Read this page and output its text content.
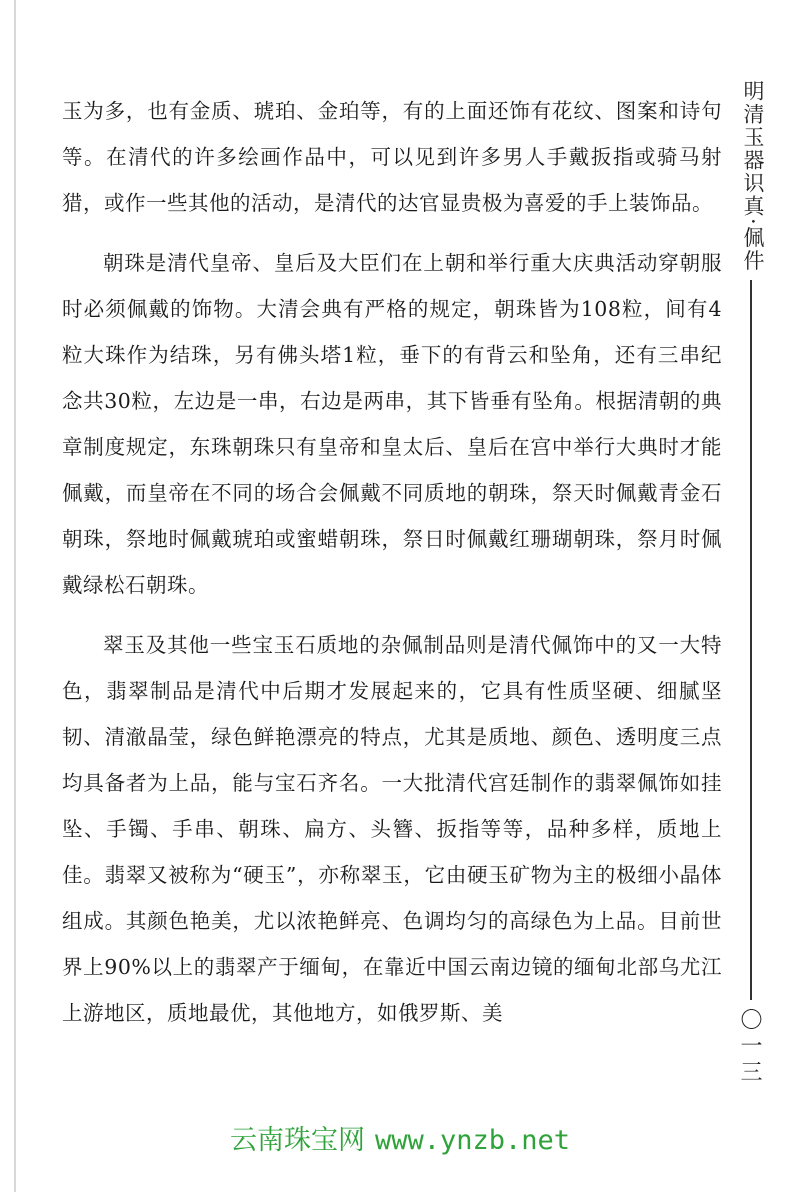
明清玉器识真·佩件
〇一三

玉为多，也有金质、琥珀、金珀等，有的上面还饰有花纹、图案和诗句等。在清代的许多绘画作品中，可以见到许多男人手戴扳指或骑马射猎，或作一些其他的活动，是清代的达官显贵极为喜爱的手上装饰品。

朝珠是清代皇帝、皇后及大臣们在上朝和举行重大庆典活动穿朝服时必须佩戴的饰物。大清会典有严格的规定，朝珠皆为108粒，间有4粒大珠作为结珠，另有佛头塔1粒，垂下的有背云和坠角，还有三串纪念共30粒，左边是一串，右边是两串，其下皆垂有坠角。根据清朝的典章制度规定，东珠朝珠只有皇帝和皇太后、皇后在宫中举行大典时才能佩戴，而皇帝在不同的场合会佩戴不同质地的朝珠，祭天时佩戴青金石朝珠，祭地时佩戴琥珀或蜜蜡朝珠，祭日时佩戴红珊瑚朝珠，祭月时佩戴绿松石朝珠。

翠玉及其他一些宝玉石质地的杂佩制品则是清代佩饰中的又一大特色，翡翠制品是清代中后期才发展起来的，它具有性质坚硬、细腻坚韧、清澈晶莹，绿色鲜艳漂亮的特点，尤其是质地、颜色、透明度三点均具备者为上品，能与宝石齐名。一大批清代宫廷制作的翡翠佩饰如挂坠、手镯、手串、朝珠、扁方、头簪、扳指等等，品种多样，质地上佳。翡翠又被称为“硬玉”，亦称翠玉，它由硬玉矿物为主的极细小晶体组成。其颜色艳美，尤以浓艳鲜亮、色调均匀的高绿色为上品。目前世界上90%以上的翡翠产于缅甸，在靠近中国云南边镜的缅甸北部乌尤江上游地区，质地最优，其他地方，如俄罗斯、美

云南珠宝网 www.ynzb.net
